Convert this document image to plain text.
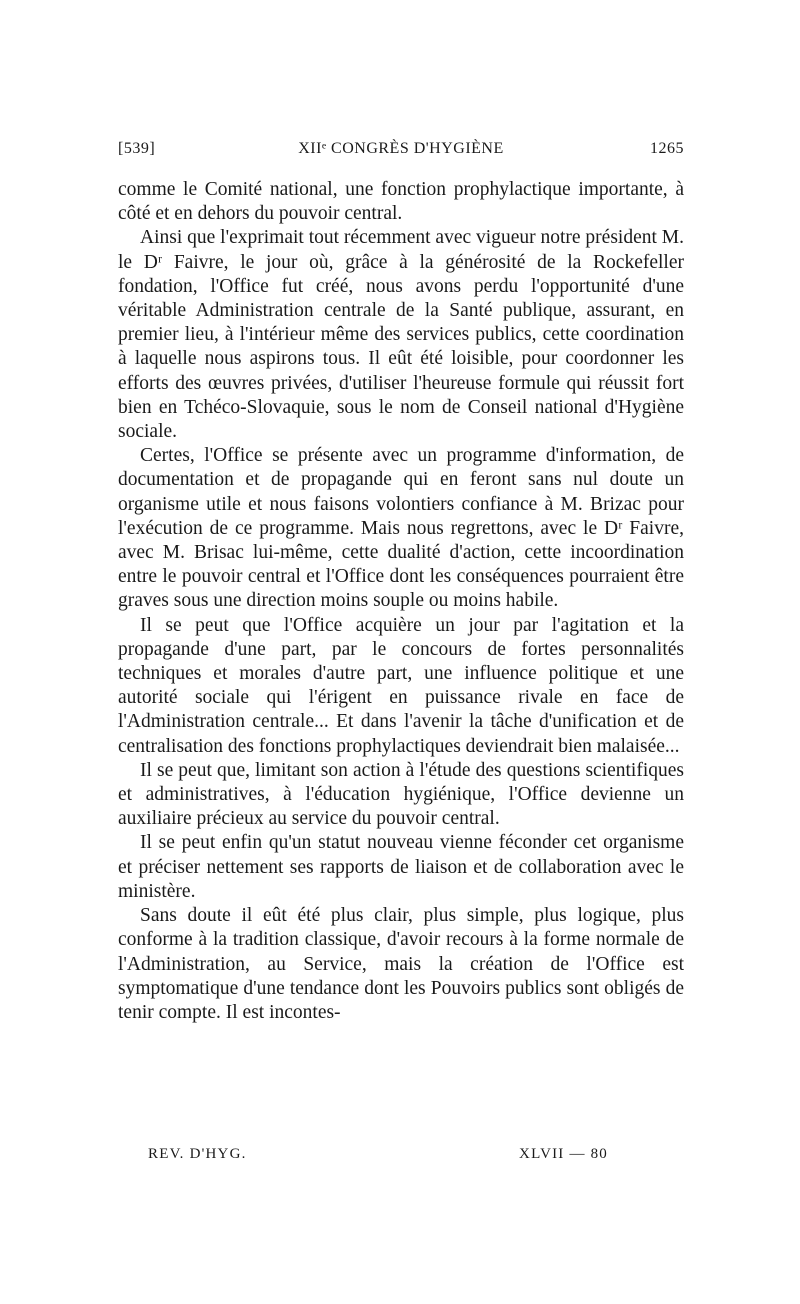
[539]	XIIᵉ CONGRÈS D'HYGIÈNE	1265

comme le Comité national, une fonction prophylactique importante, à côté et en dehors du pouvoir central.

Ainsi que l'exprimait tout récemment avec vigueur notre président M. le Dʳ Faivre, le jour où, grâce à la générosité de la Rockefeller fondation, l'Office fut créé, nous avons perdu l'opportunité d'une véritable Administration centrale de la Santé publique, assurant, en premier lieu, à l'intérieur même des services publics, cette coordination à laquelle nous aspirons tous. Il eût été loisible, pour coordonner les efforts des œuvres privées, d'utiliser l'heureuse formule qui réussit fort bien en Tchéco-Slovaquie, sous le nom de Conseil national d'Hygiène sociale.

Certes, l'Office se présente avec un programme d'information, de documentation et de propagande qui en feront sans nul doute un organisme utile et nous faisons volontiers confiance à M. Brizac pour l'exécution de ce programme. Mais nous regrettons, avec le Dʳ Faivre, avec M. Brisac lui-même, cette dualité d'action, cette incoordination entre le pouvoir central et l'Office dont les conséquences pourraient être graves sous une direction moins souple ou moins habile.

Il se peut que l'Office acquière un jour par l'agitation et la propagande d'une part, par le concours de fortes personnalités techniques et morales d'autre part, une influence politique et une autorité sociale qui l'érigent en puissance rivale en face de l'Administration centrale... Et dans l'avenir la tâche d'unification et de centralisation des fonctions prophylactiques deviendrait bien malaisée...

Il se peut que, limitant son action à l'étude des questions scientifiques et administratives, à l'éducation hygiénique, l'Office devienne un auxiliaire précieux au service du pouvoir central.

Il se peut enfin qu'un statut nouveau vienne féconder cet organisme et préciser nettement ses rapports de liaison et de collaboration avec le ministère.

Sans doute il eût été plus clair, plus simple, plus logique, plus conforme à la tradition classique, d'avoir recours à la forme normale de l'Administration, au Service, mais la création de l'Office est symptomatique d'une tendance dont les Pouvoirs publics sont obligés de tenir compte. Il est incontes-

REV. D'HYG.	XLVII — 80
